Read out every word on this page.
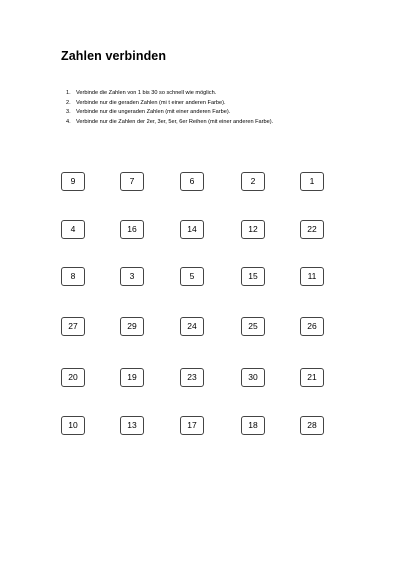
Zahlen verbinden
1. Verbinde die Zahlen von 1 bis 30 so schnell wie möglich.
2. Verbinde nur die geraden Zahlen (mi t einer anderen Farbe).
3. Verbinde nur die ungeraden Zahlen (mit einer anderen Farbe).
4. Verbinde nur die Zahlen der 2er, 3er, 5er, 6er Reihen (mit einer anderen Farbe).
9	7	6	2	1
4	16	14	12	22
8	3	5	15	11
27	29	24	25	26
20	19	23	30	21
10	13	17	18	28
